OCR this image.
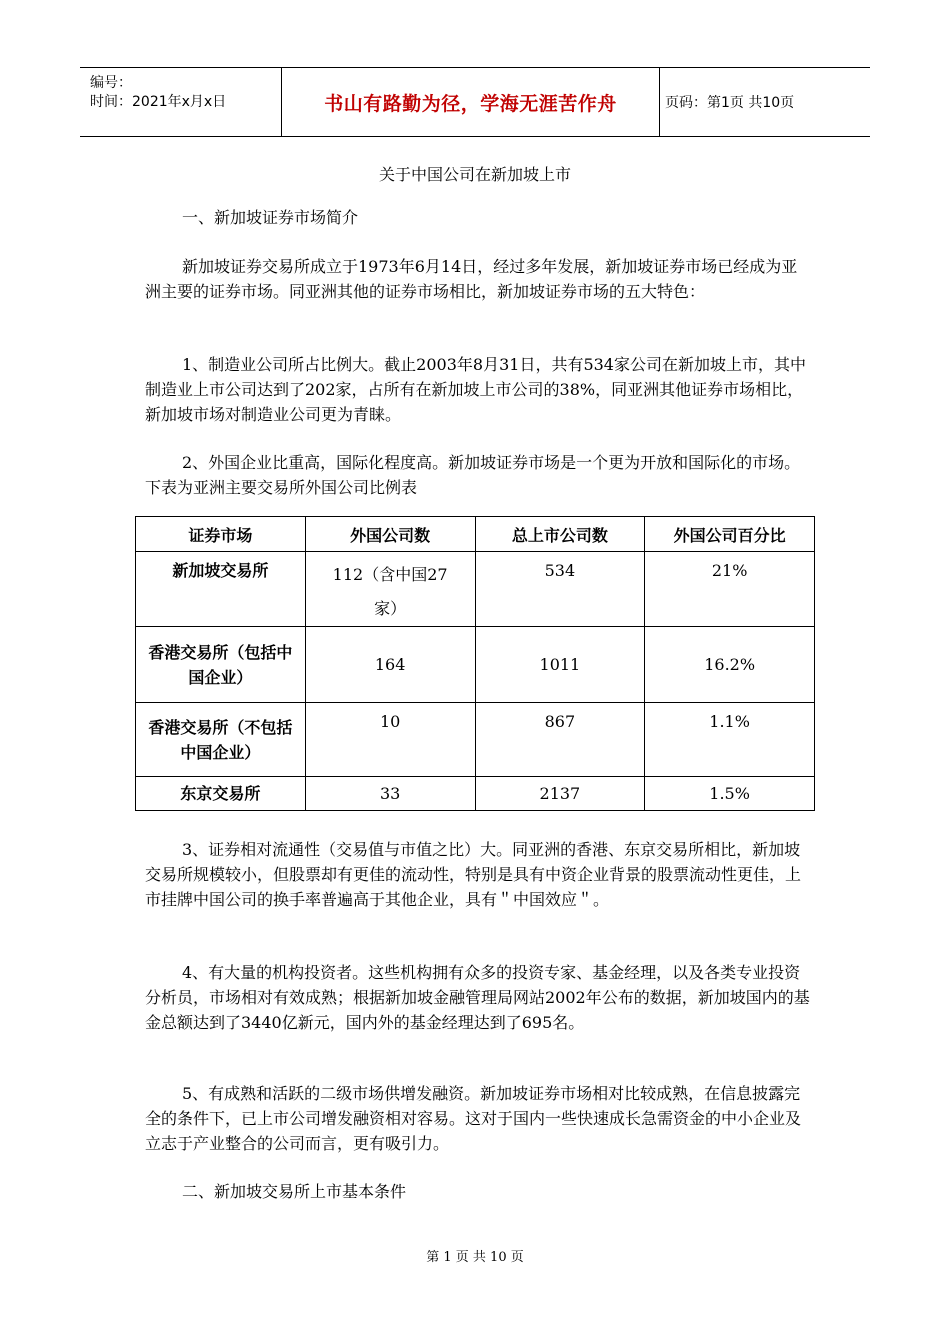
编号：
时间：2021年x月x日	书山有路勤为径，学海无涯苦作舟	页码：第1页 共10页
关于中国公司在新加坡上市

一、新加坡证券市场简介

新加坡证券交易所成立于1973年6月14日，经过多年发展，新加坡证券市场已经成为亚洲主要的证券市场。同亚洲其他的证券市场相比，新加坡证券市场的五大特色：

1、制造业公司所占比例大。截止2003年8月31日，共有534家公司在新加坡上市，其中制造业上市公司达到了202家，占所有在新加坡上市公司的38%，同亚洲其他证券市场相比，新加坡市场对制造业公司更为青睐。

2、外国企业比重高，国际化程度高。新加坡证券市场是一个更为开放和国际化的市场。下表为亚洲主要交易所外国公司比例表

证券市场	外国公司数	总上市公司数	外国公司百分比
新加坡交易所	112（含中国27家）	534	21%
香港交易所（包括中国企业）	164	1011	16.2%
香港交易所（不包括中国企业）	10	867	1.1%
东京交易所	33	2137	1.5%

3、证券相对流通性（交易值与市值之比）大。同亚洲的香港、东京交易所相比，新加坡交易所规模较小，但股票却有更佳的流动性，特别是具有中资企业背景的股票流动性更佳，上市挂牌中国公司的换手率普遍高于其他企业，具有＂中国效应＂。

4、有大量的机构投资者。这些机构拥有众多的投资专家、基金经理，以及各类专业投资分析员，市场相对有效成熟；根据新加坡金融管理局网站2002年公布的数据，新加坡国内的基金总额达到了3440亿新元，国内外的基金经理达到了695名。

5、有成熟和活跃的二级市场供增发融资。新加坡证券市场相对比较成熟，在信息披露完全的条件下，已上市公司增发融资相对容易。这对于国内一些快速成长急需资金的中小企业及立志于产业整合的公司而言，更有吸引力。

二、新加坡交易所上市基本条件

第 1 页 共 10 页
